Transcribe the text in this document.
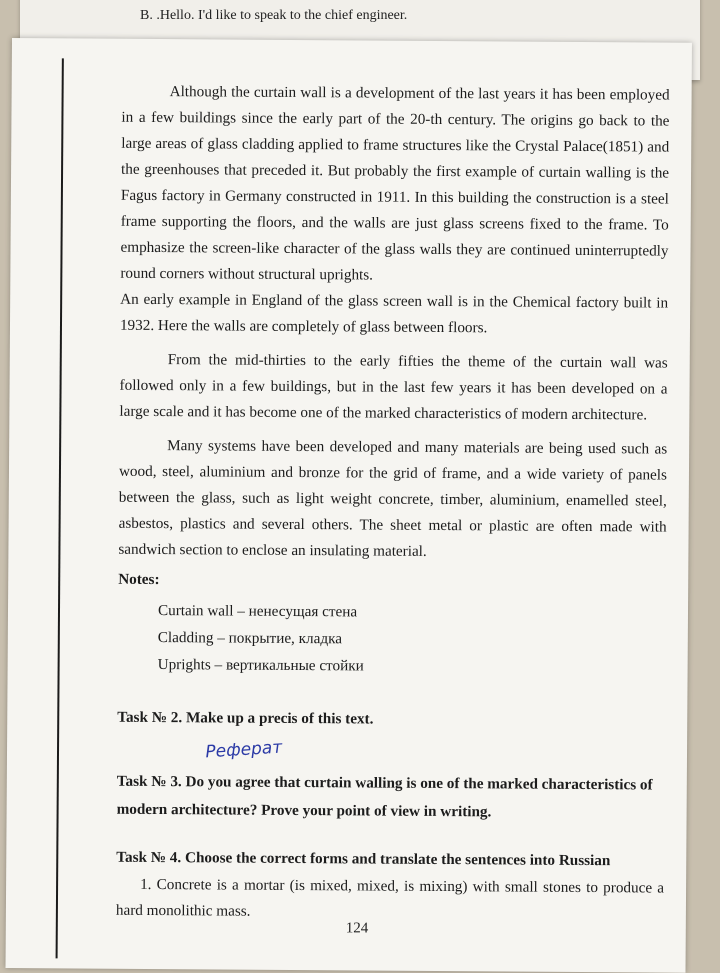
B. .Hello. I'd like to speak to the chief engineer.

Although the curtain wall is a development of the last years it has been employed in a few buildings since the early part of the 20-th century. The origins go back to the large areas of glass cladding applied to frame structures like the Crystal Palace(1851) and the greenhouses that preceded it. But probably the first example of curtain walling is the Fagus factory in Germany constructed in 1911. In this building the construction is a steel frame supporting the floors, and the walls are just glass screens fixed to the frame. To emphasize the screen-like character of the glass walls they are continued uninterruptedly round corners without structural uprights.

An early example in England of the glass screen wall is in the Chemical factory built in 1932. Here the walls are completely of glass between floors.

From the mid-thirties to the early fifties the theme of the curtain wall was followed only in a few buildings, but in the last few years it has been developed on a large scale and it has become one of the marked characteristics of modern architecture.

Many systems have been developed and many materials are being used such as wood, steel, aluminium and bronze for the grid of frame, and a wide variety of panels between the glass, such as light weight concrete, timber, aluminium, enamelled steel, asbestos, plastics and several others. The sheet metal or plastic are often made with sandwich section to enclose an insulating material.

Notes:

Curtain wall – ненесущая стена
Cladding – покрытие, кладка
Uprights – вертикальные стойки

Task № 2. Make up a precis of this text.

Реферат

Task № 3. Do you agree that curtain walling is one of the marked characteristics of modern architecture? Prove your point of view in writing.

Task № 4. Choose the correct forms and translate the sentences into Russian

1. Concrete is a mortar (is mixed, mixed, is mixing) with small stones to produce a hard monolithic mass.

124
